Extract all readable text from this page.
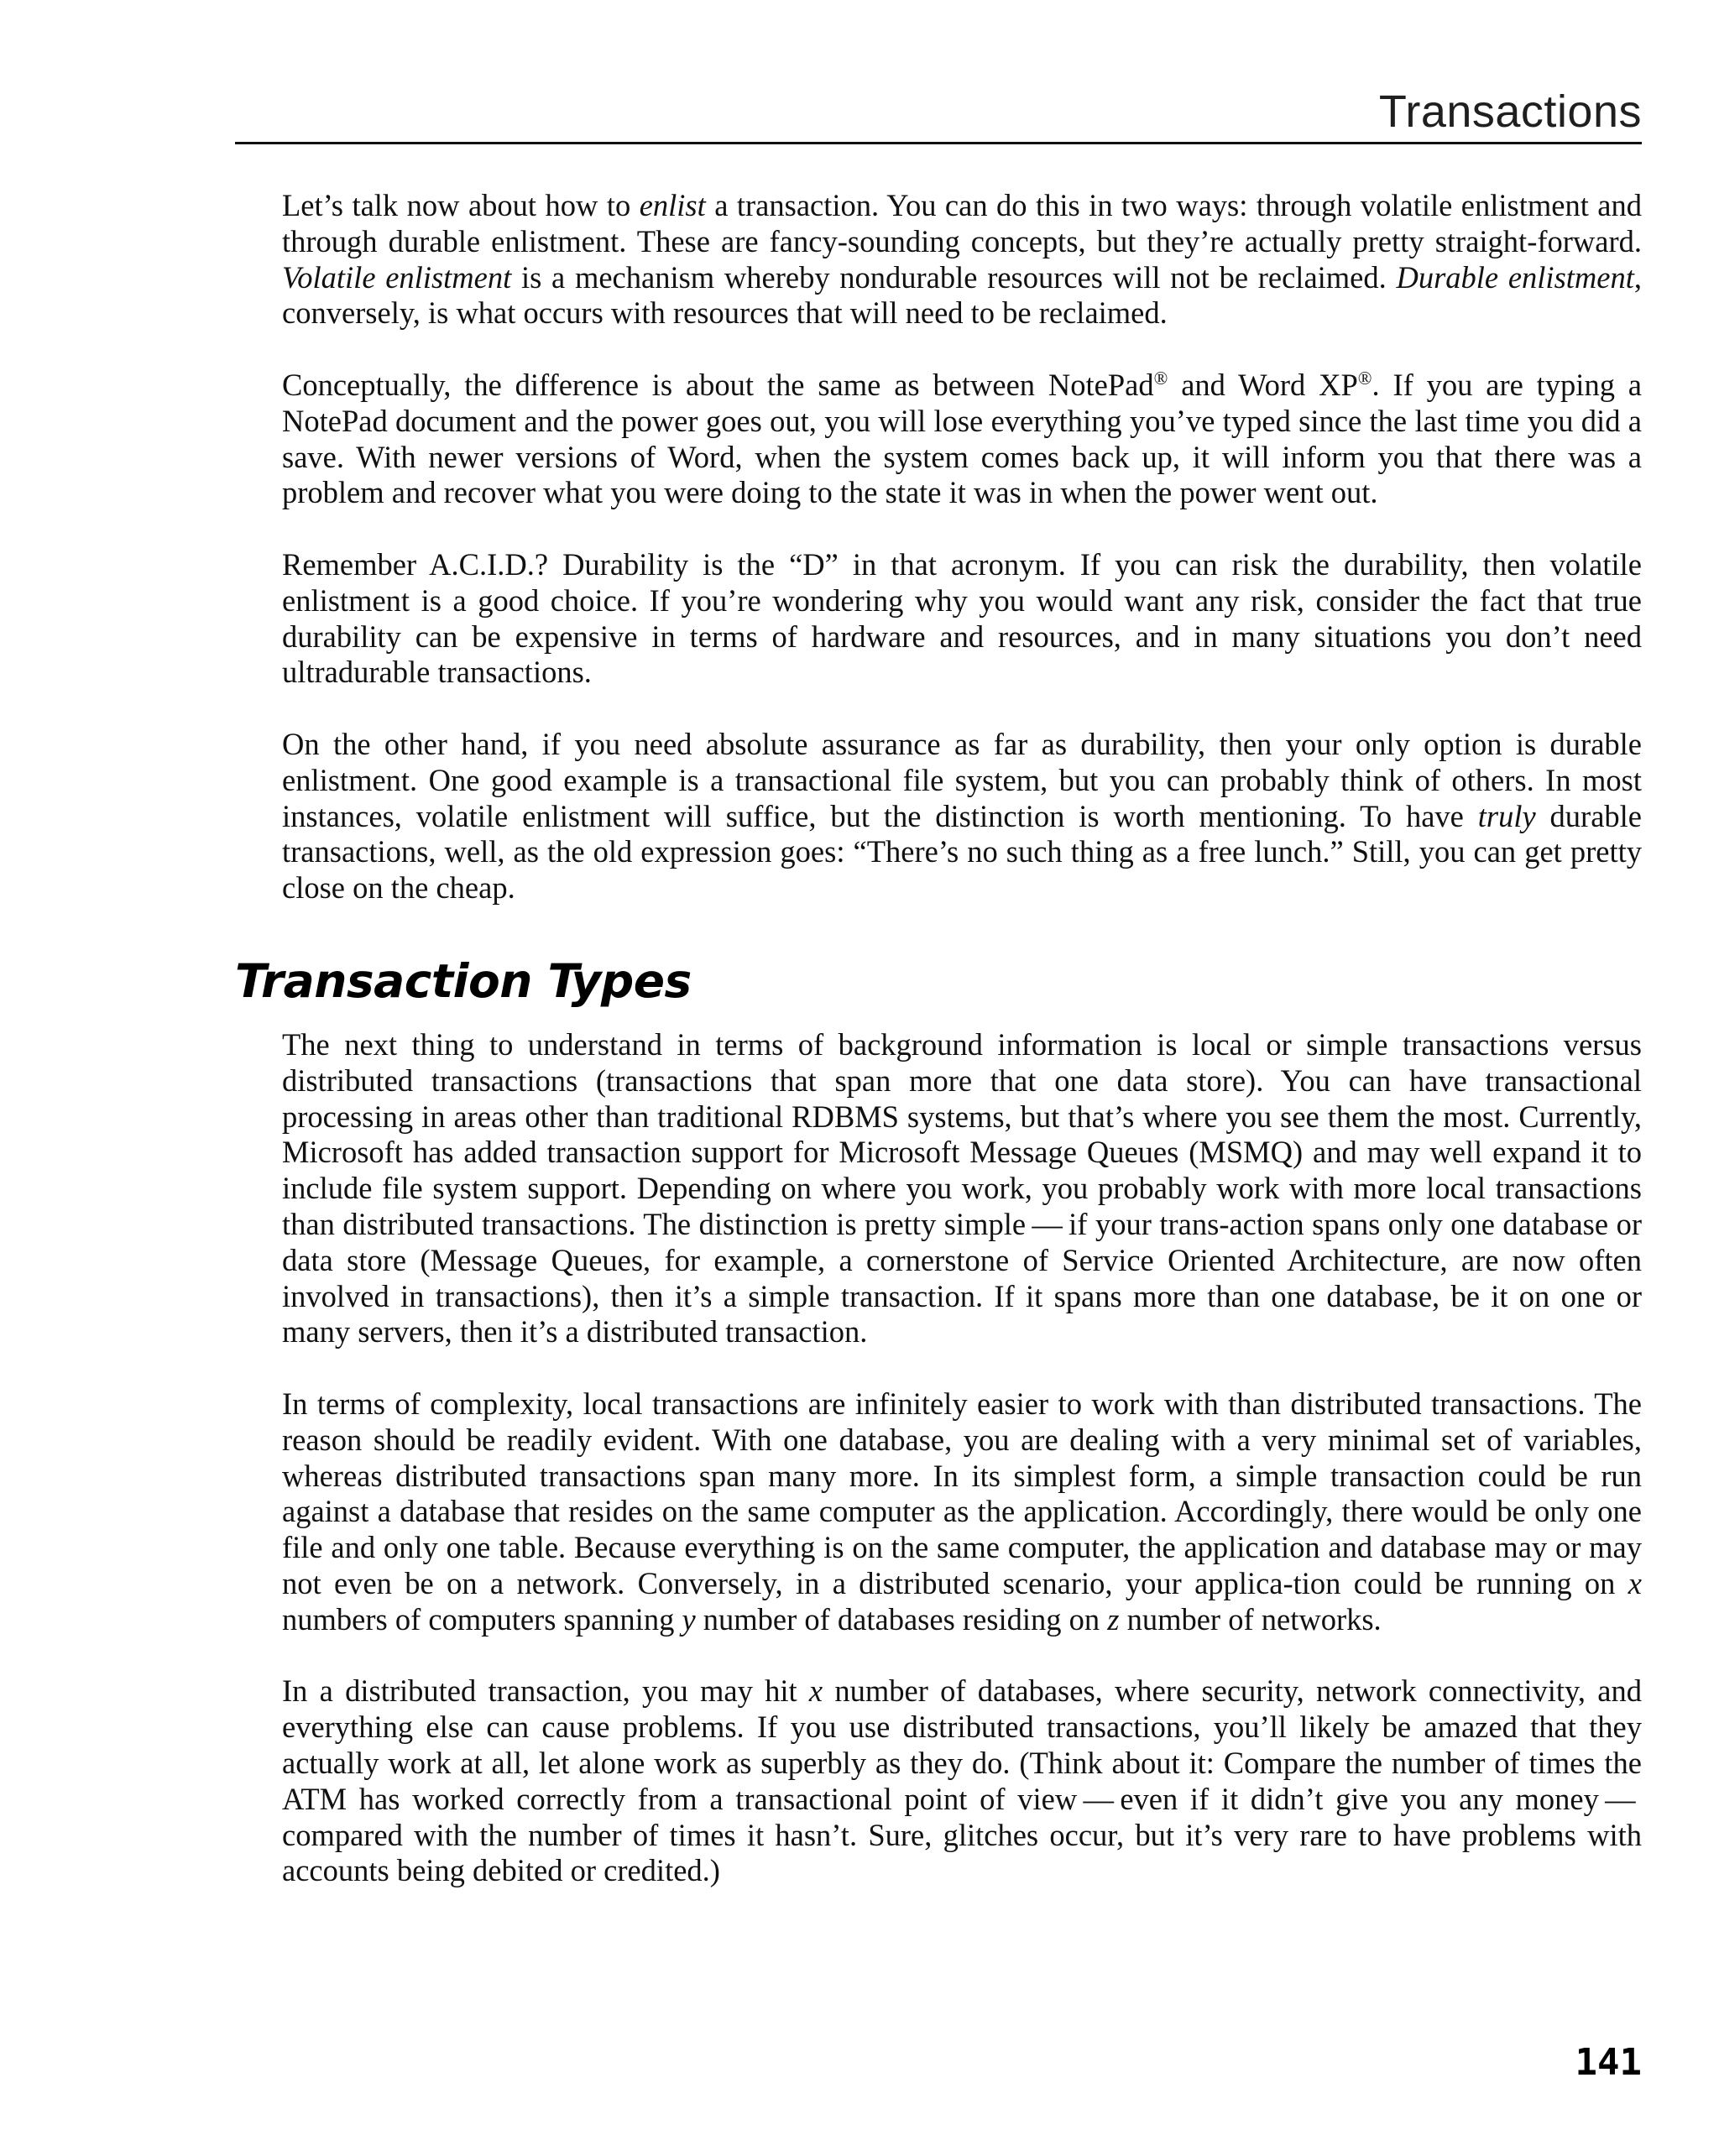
Transactions

Let’s talk now about how to enlist a transaction. You can do this in two ways: through volatile enlistment and through durable enlistment. These are fancy-sounding concepts, but they’re actually pretty straight-forward. Volatile enlistment is a mechanism whereby nondurable resources will not be reclaimed. Durable enlistment, conversely, is what occurs with resources that will need to be reclaimed.

Conceptually, the difference is about the same as between NotePad® and Word XP®. If you are typing a NotePad document and the power goes out, you will lose everything you’ve typed since the last time you did a save. With newer versions of Word, when the system comes back up, it will inform you that there was a problem and recover what you were doing to the state it was in when the power went out.

Remember A.C.I.D.? Durability is the “D” in that acronym. If you can risk the durability, then volatile enlistment is a good choice. If you’re wondering why you would want any risk, consider the fact that true durability can be expensive in terms of hardware and resources, and in many situations you don’t need ultradurable transactions.

On the other hand, if you need absolute assurance as far as durability, then your only option is durable enlistment. One good example is a transactional file system, but you can probably think of others. In most instances, volatile enlistment will suffice, but the distinction is worth mentioning. To have truly durable transactions, well, as the old expression goes: “There’s no such thing as a free lunch.” Still, you can get pretty close on the cheap.

Transaction Types

The next thing to understand in terms of background information is local or simple transactions versus distributed transactions (transactions that span more that one data store). You can have transactional processing in areas other than traditional RDBMS systems, but that’s where you see them the most. Currently, Microsoft has added transaction support for Microsoft Message Queues (MSMQ) and may well expand it to include file system support. Depending on where you work, you probably work with more local transactions than distributed transactions. The distinction is pretty simple — if your trans-action spans only one database or data store (Message Queues, for example, a cornerstone of Service Oriented Architecture, are now often involved in transactions), then it’s a simple transaction. If it spans more than one database, be it on one or many servers, then it’s a distributed transaction.

In terms of complexity, local transactions are infinitely easier to work with than distributed transactions. The reason should be readily evident. With one database, you are dealing with a very minimal set of variables, whereas distributed transactions span many more. In its simplest form, a simple transaction could be run against a database that resides on the same computer as the application. Accordingly, there would be only one file and only one table. Because everything is on the same computer, the application and database may or may not even be on a network. Conversely, in a distributed scenario, your applica-tion could be running on x numbers of computers spanning y number of databases residing on z number of networks.

In a distributed transaction, you may hit x number of databases, where security, network connectivity, and everything else can cause problems. If you use distributed transactions, you’ll likely be amazed that they actually work at all, let alone work as superbly as they do. (Think about it: Compare the number of times the ATM has worked correctly from a transactional point of view — even if it didn’t give you any money — compared with the number of times it hasn’t. Sure, glitches occur, but it’s very rare to have problems with accounts being debited or credited.)

141
